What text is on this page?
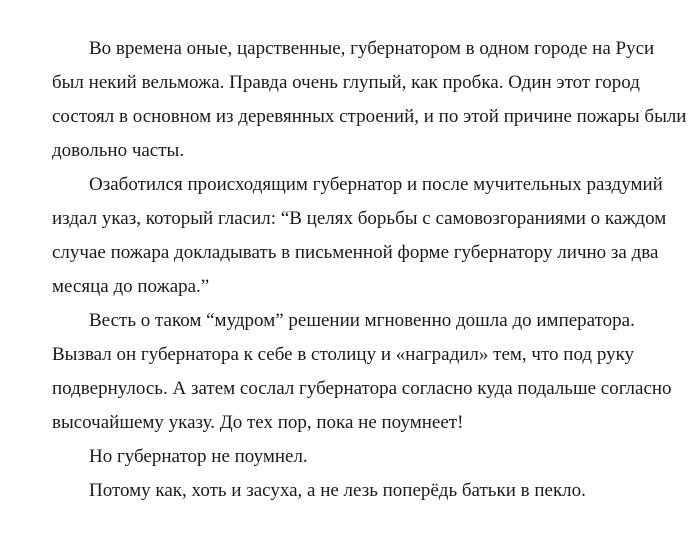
Во времена оные, царственные, губернатором в одном городе на Руси
был некий вельможа. Правда очень глупый, как пробка. Один этот город
состоял в основном из деревянных строений, и по этой причине пожары были
довольно часты.

Озаботился происходящим губернатор и после мучительных раздумий
издал указ, который гласил: “В целях борьбы с самовозгораниями о каждом
случае пожара докладывать в письменной форме губернатору лично за два
месяца до пожара.”

Весть о таком “мудром” решении мгновенно дошла до императора.
Вызвал он губернатора к себе в столицу и «наградил» тем, что под руку
подвернулось. А затем сослал губернатора согласно куда подальше согласно
высочайшему указу. До тех пор, пока не поумнеет!

Но губернатор не поумнел.

Потому как, хоть и засуха, а не лезь поперёдь батьки в пекло.
